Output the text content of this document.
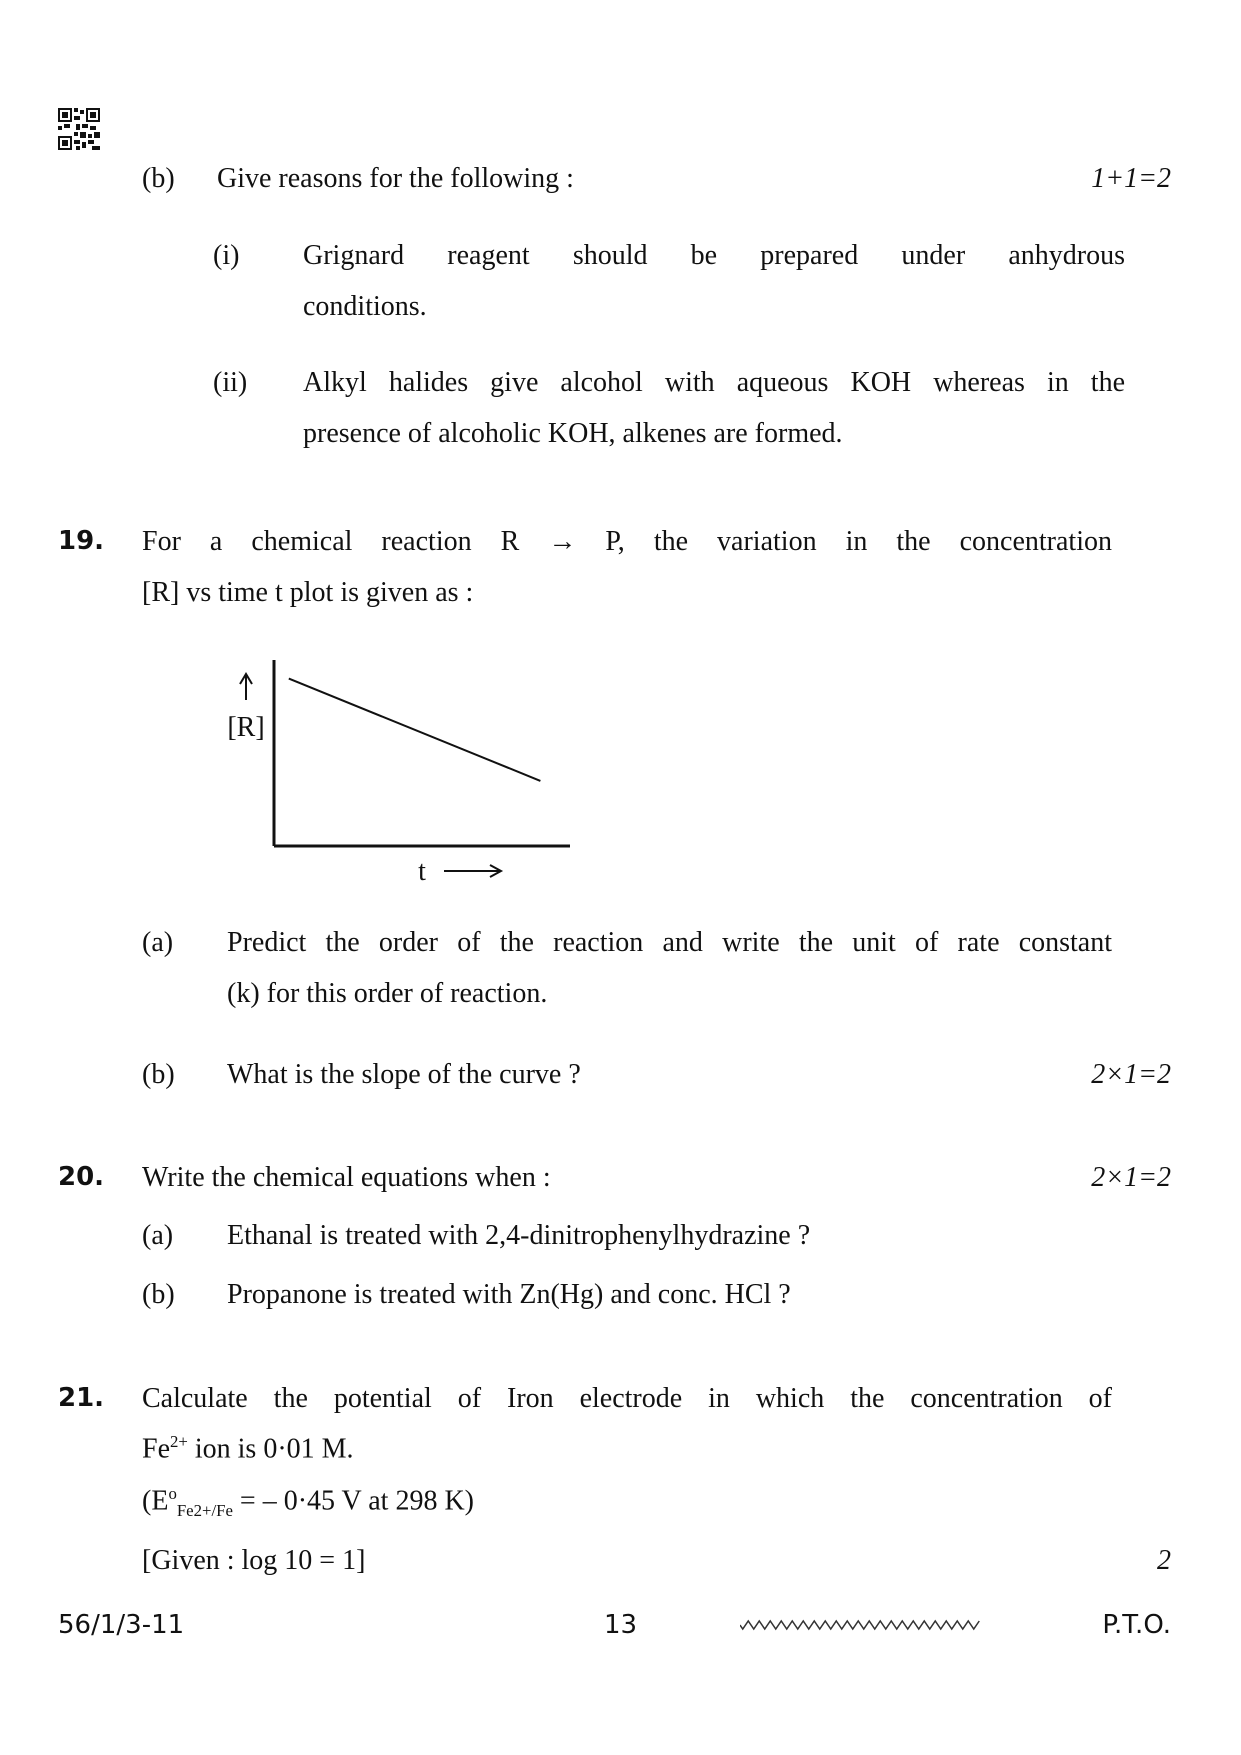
(b) Give reasons for the following :	1+1=2
(i) Grignard reagent should be prepared under anhydrous
conditions.
(ii) Alkyl halides give alcohol with aqueous KOH whereas in the
presence of alcoholic KOH, alkenes are formed.
19. For a chemical reaction R → P, the variation in the concentration
[R] vs time t plot is given as :
[R]
t
(a) Predict the order of the reaction and write the unit of rate constant
(k) for this order of reaction.
(b) What is the slope of the curve ?	2×1=2
20. Write the chemical equations when :	2×1=2
(a) Ethanal is treated with 2,4-dinitrophenylhydrazine ?
(b) Propanone is treated with Zn(Hg) and conc. HCl ?
21. Calculate the potential of Iron electrode in which the concentration of
$Fe^{2+}$ ion is 0·01 M.
($E^o_{Fe2+/Fe}$ = – 0·45 V at 298 K)
[Given : log 10 = 1]	2
56/1/3-11	13	P.T.O.
